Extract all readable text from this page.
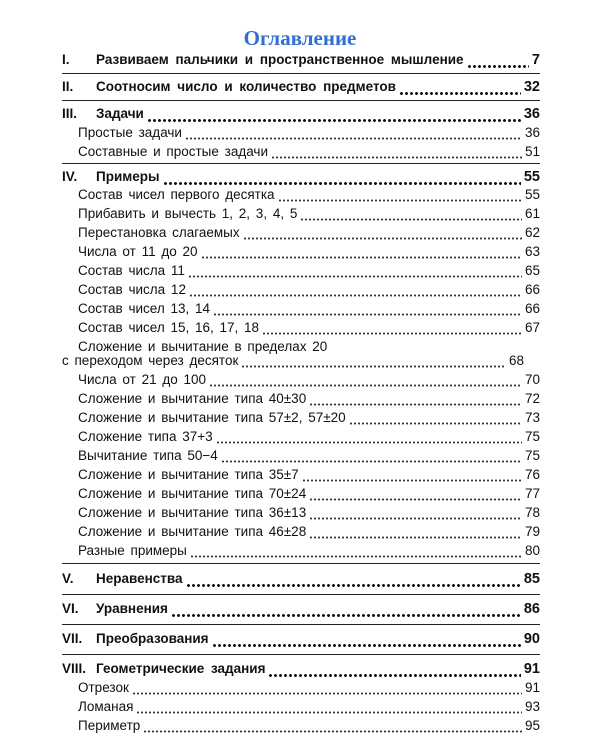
Оглавление
I.	Развиваем пальчики и пространственное мышление	7
II.	Соотносим число и количество предметов	32
III.	Задачи	36
Простые задачи	36
Составные и простые задачи	51
IV.	Примеры	55
Состав чисел первого десятка	55
Прибавить и вычесть 1, 2, 3, 4, 5	61
Перестановка слагаемых	62
Числа от 11 до 20	63
Состав числа 11	65
Состав числа 12	66
Состав чисел 13, 14	66
Состав чисел 15, 16, 17, 18	67
Сложение и вычитание в пределах 20
с переходом через десяток	68
Числа от 21 до 100	70
Сложение и вычитание типа 40±30	72
Сложение и вычитание типа 57±2, 57±20	73
Сложение типа 37+3	75
Вычитание типа 50−4	75
Сложение и вычитание типа 35±7	76
Сложение и вычитание типа 70±24	77
Сложение и вычитание типа 36±13	78
Сложение и вычитание типа 46±28	79
Разные примеры	80
V.	Неравенства	85
VI.	Уравнения	86
VII.	Преобразования	90
VIII. Геометрические задания	91
Отрезок	91
Ломаная	93
Периметр	95
